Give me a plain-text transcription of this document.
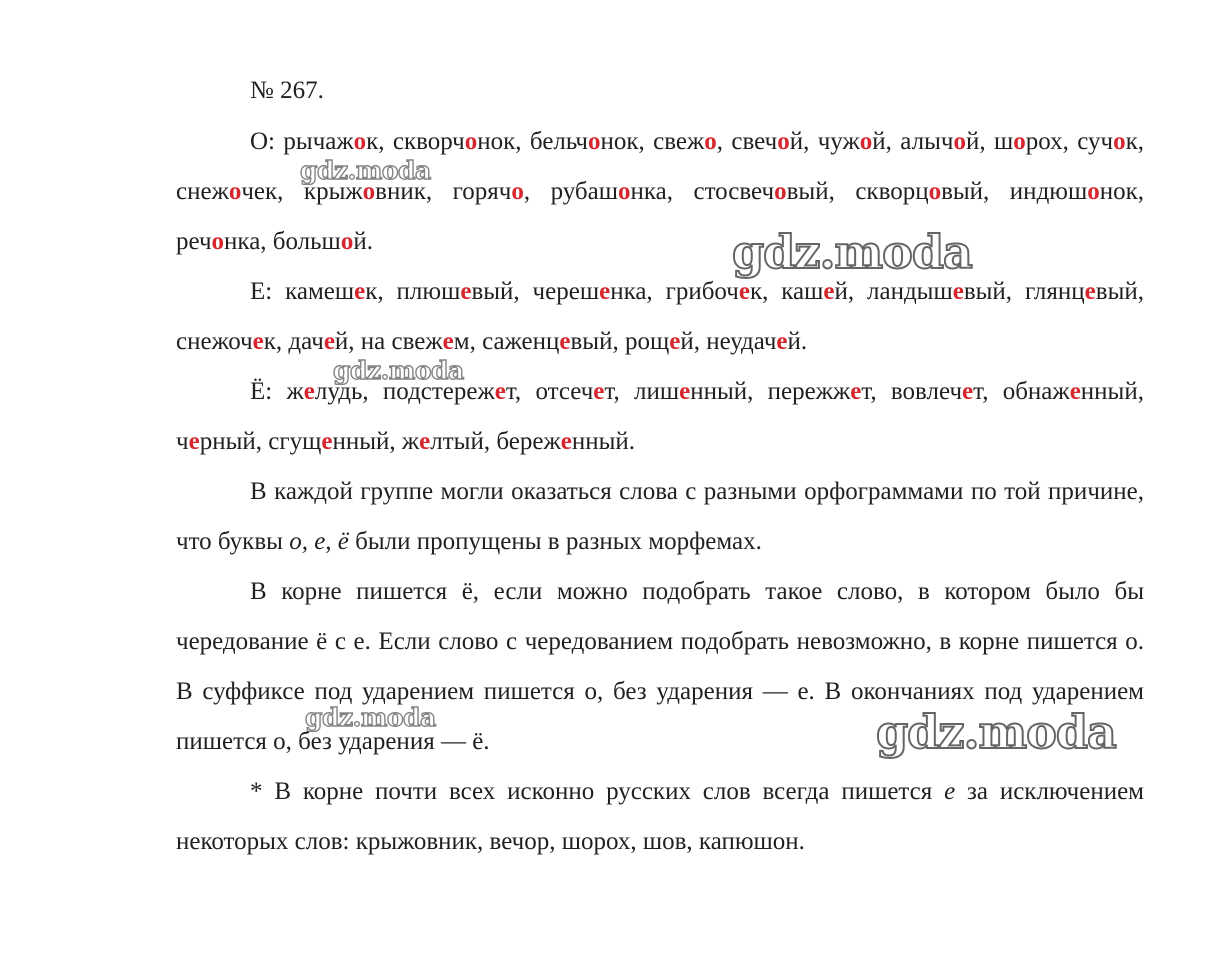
№ 267.

О: рычажок, скворчонок, бельчонок, свежо, свечой, чужой, алычой, шорох, сучок, снежочек, крыжовник, горячо, рубашонка, стосвечовый, скворцовый, индюшонок, речонка, большой.

Е: камешек, плюшевый, черешенка, грибочек, кашей, ландышевый, глянцевый, снежочек, дачей, на свежем, саженцевый, рощей, неудачей.

Ё: желудь, подстережет, отсечет, лишенный, пережжет, вовлечет, обнаженный, черный, сгущенный, желтый, береженный.

В каждой группе могли оказаться слова с разными орфограммами по той причине, что буквы о, е, ё были пропущены в разных морфемах.

В корне пишется ё, если можно подобрать такое слово, в котором было бы чередование ё с е. Если слово с чередованием подобрать невозможно, в корне пишется о. В суффиксе под ударением пишется о, без ударения — е. В окончаниях под ударением пишется о, без ударения — ё.

* В корне почти всех исконно русских слов всегда пишется е за исключением некоторых слов: крыжовник, вечор, шорох, шов, капюшон.

gdz.moda
gdz.moda
gdz.moda
gdz.moda	gdz.moda
